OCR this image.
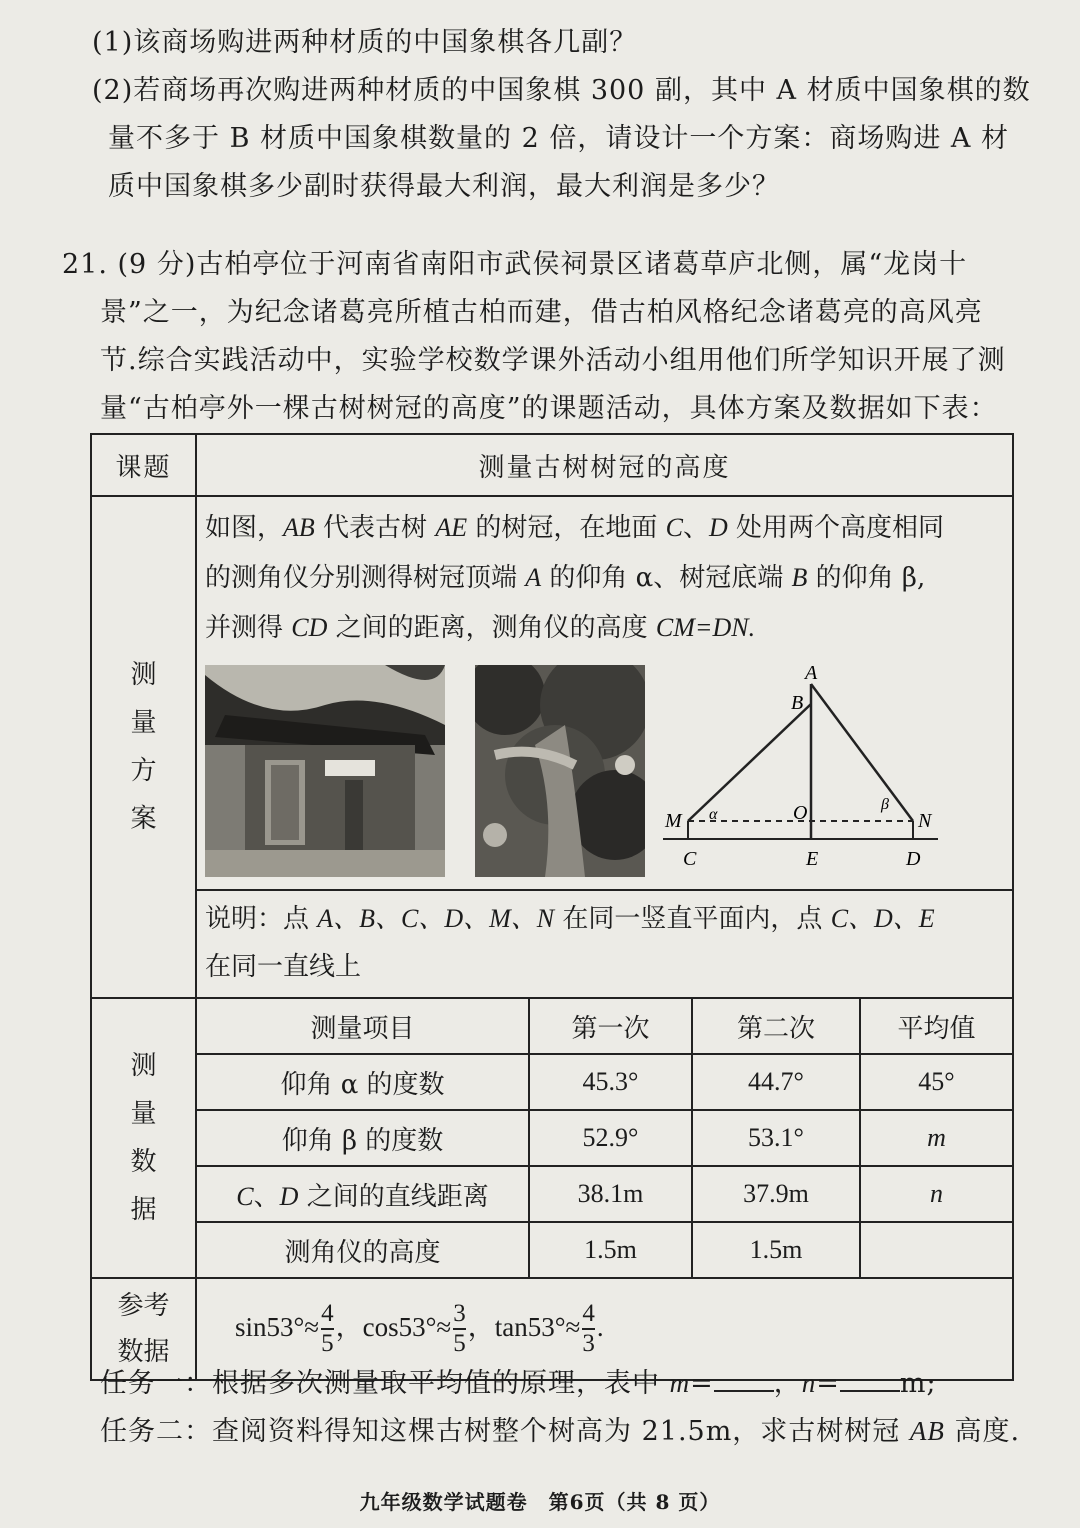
(1)该商场购进两种材质的中国象棋各几副？
(2)若商场再次购进两种材质的中国象棋 300 副，其中 A 材质中国象棋的数
量不多于 B 材质中国象棋数量的 2 倍，请设计一个方案：商场购进 A 材
质中国象棋多少副时获得最大利润，最大利润是多少？
21. (9 分)古柏亭位于河南省南阳市武侯祠景区诸葛草庐北侧，属“龙岗十
景”之一，为纪念诸葛亮所植古柏而建，借古柏风格纪念诸葛亮的高风亮
节.综合实践活动中，实验学校数学课外活动小组用他们所学知识开展了测
量“古柏亭外一棵古树树冠的高度”的课题活动，具体方案及数据如下表：
课题	测量古树树冠的高度

测量方案

如图，AB 代表古树 AE 的树冠，在地面 C、D 处用两个高度相同
的测角仪分别测得树冠顶端 A 的仰角 α、树冠底端 B 的仰角 β,
并测得 CD 之间的距离，测角仪的高度 CM=DN.
A
B
M	N
O
C	E	D
α
β
说明：点 A、B、C、D、M、N 在同一竖直平面内，点 C、D、E
在同一直线上

测量数据

测量项目	第一次	第二次	平均值
仰角 α 的度数	45.3°	44.7°	45°
仰角 β 的度数	52.9°	53.1°	m
C、D 之间的直线距离	38.1m	37.9m	n
测角仪的高度	1.5m	1.5m	

参考数据
	$\sin 53^\circ\approx \frac{4}{5}$ ，$\cos 53^\circ\approx \frac{3}{5}$ ，$\tan 53^\circ\approx \frac{4}{3}$ .
任务一：根据多次测量取平均值的原理，表中 m= ，n= m;
任务二：查阅资料得知这棵古树整个树高为 21.5m，求古树树冠 AB 高度.
九年级数学试题卷　第6页（共 8 页）
